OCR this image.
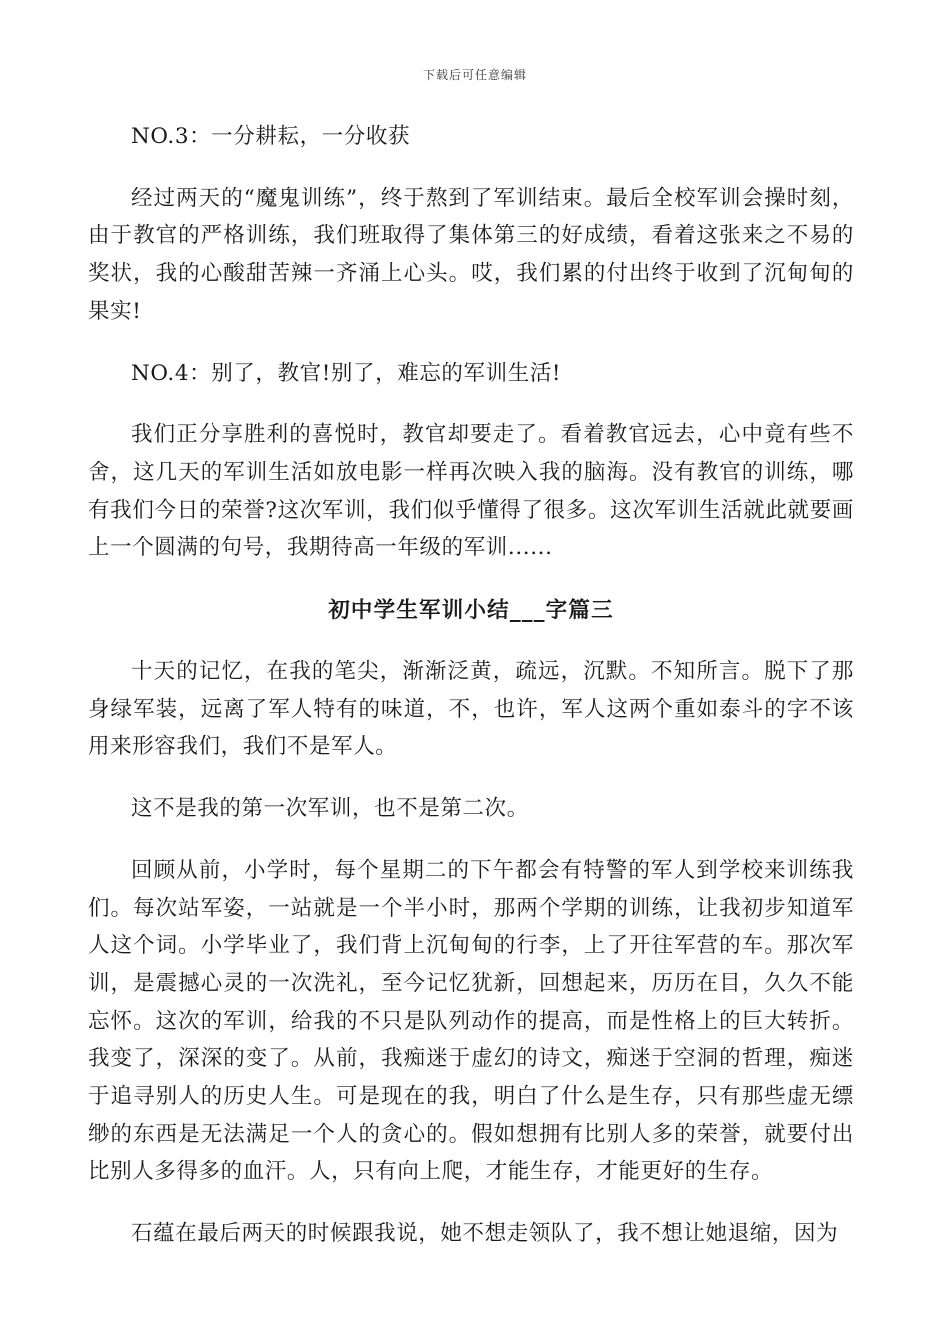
下载后可任意编辑

NO.3：一分耕耘，一分收获

经过两天的“魔鬼训练”，终于熬到了军训结束。最后全校军训会操时刻，由于教官的严格训练，我们班取得了集体第三的好成绩，看着这张来之不易的奖状，我的心酸甜苦辣一齐涌上心头。哎，我们累的付出终于收到了沉甸甸的果实!

NO.4：别了，教官!别了，难忘的军训生活!

我们正分享胜利的喜悦时，教官却要走了。看着教官远去，心中竟有些不舍，这几天的军训生活如放电影一样再次映入我的脑海。没有教官的训练，哪有我们今日的荣誉?这次军训，我们似乎懂得了很多。这次军训生活就此就要画上一个圆满的句号，我期待高一年级的军训......

初中学生军训小结___字篇三

十天的记忆，在我的笔尖，渐渐泛黄，疏远，沉默。不知所言。脱下了那身绿军装，远离了军人特有的味道，不，也许，军人这两个重如泰斗的字不该用来形容我们，我们不是军人。

这不是我的第一次军训，也不是第二次。

回顾从前，小学时，每个星期二的下午都会有特警的军人到学校来训练我们。每次站军姿，一站就是一个半小时，那两个学期的训练，让我初步知道军人这个词。小学毕业了，我们背上沉甸甸的行李，上了开往军营的车。那次军训，是震撼心灵的一次洗礼，至今记忆犹新，回想起来，历历在目，久久不能忘怀。这次的军训，给我的不只是队列动作的提高，而是性格上的巨大转折。我变了，深深的变了。从前，我痴迷于虚幻的诗文，痴迷于空洞的哲理，痴迷于追寻别人的历史人生。可是现在的我，明白了什么是生存，只有那些虚无缥缈的东西是无法满足一个人的贪心的。假如想拥有比别人多的荣誉，就要付出比别人多得多的血汗。人，只有向上爬，才能生存，才能更好的生存。

石蕴在最后两天的时候跟我说，她不想走领队了，我不想让她退缩，因为
